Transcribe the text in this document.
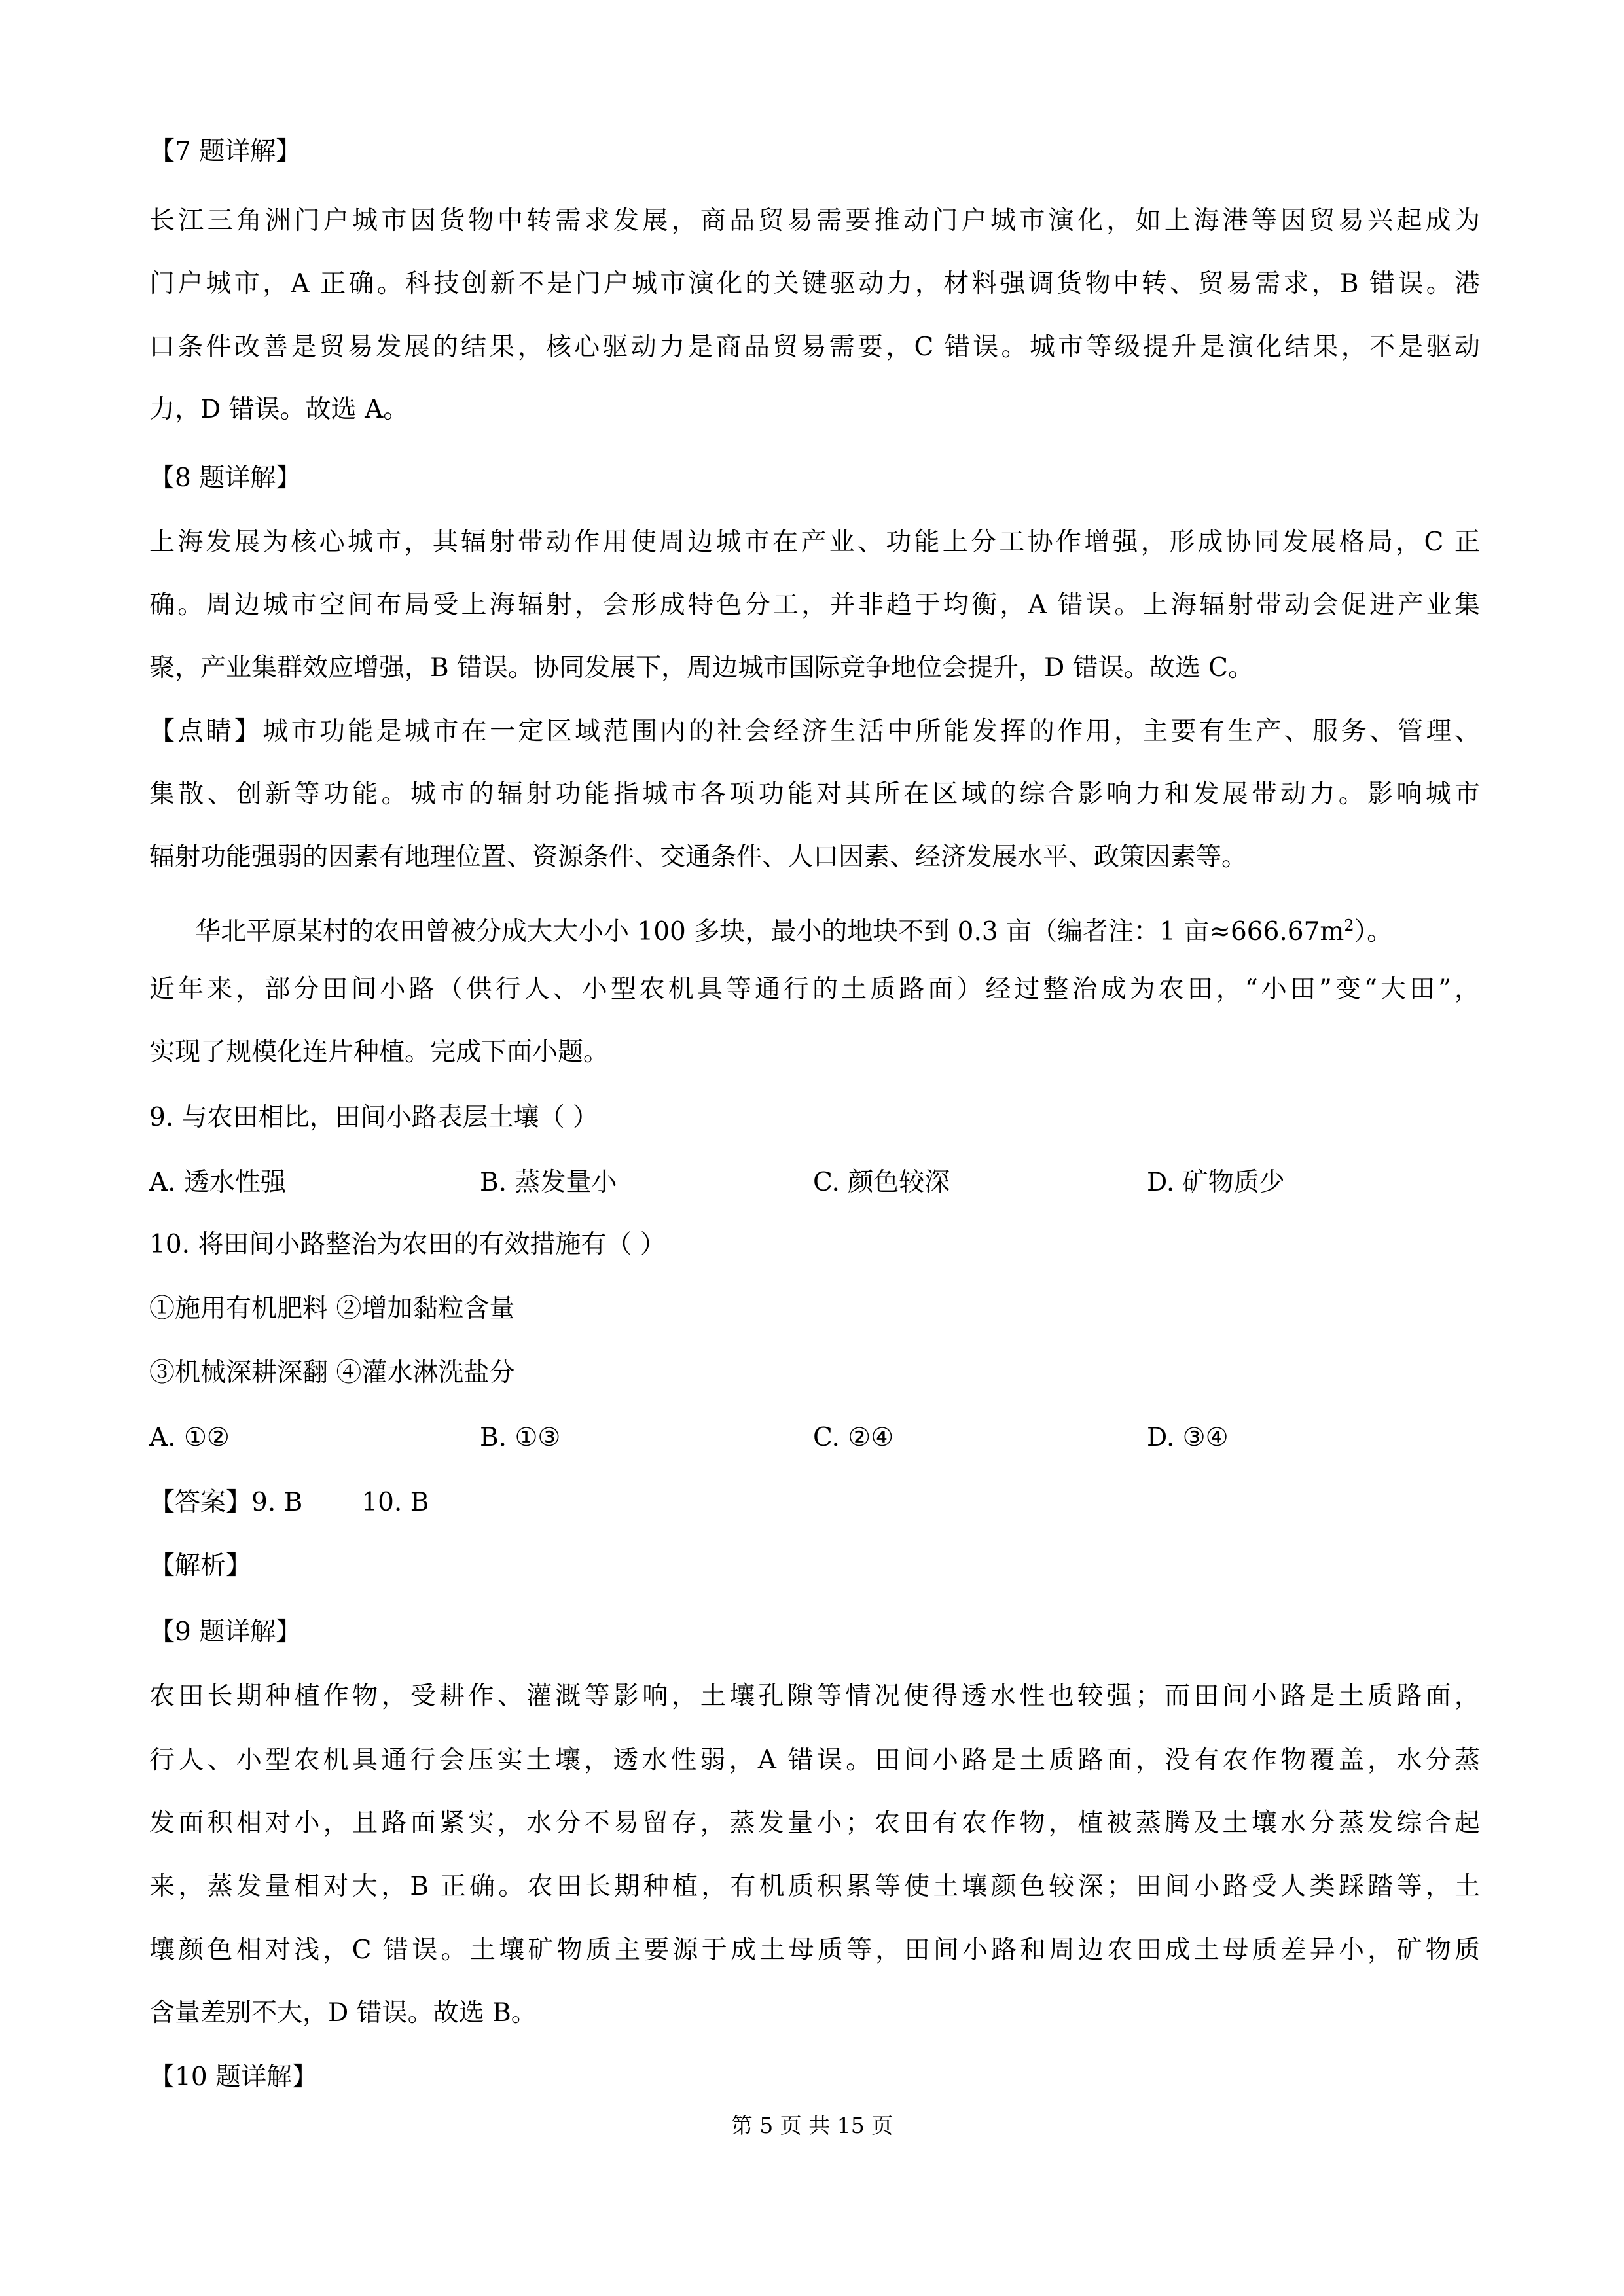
【7 题详解】
长江三角洲门户城市因货物中转需求发展，商品贸易需要推动门户城市演化，如上海港等因贸易兴起成为
门户城市，A 正确。科技创新不是门户城市演化的关键驱动力，材料强调货物中转、贸易需求，B 错误。港
口条件改善是贸易发展的结果，核心驱动力是商品贸易需要，C 错误。城市等级提升是演化结果，不是驱动
力，D 错误。故选 A。
【8 题详解】
上海发展为核心城市，其辐射带动作用使周边城市在产业、功能上分工协作增强，形成协同发展格局，C 正
确。周边城市空间布局受上海辐射，会形成特色分工，并非趋于均衡，A 错误。上海辐射带动会促进产业集
聚，产业集群效应增强，B 错误。协同发展下，周边城市国际竞争地位会提升，D 错误。故选 C。
【点睛】城市功能是城市在一定区域范围内的社会经济生活中所能发挥的作用，主要有生产、服务、管理、
集散、创新等功能。城市的辐射功能指城市各项功能对其所在区域的综合影响力和发展带动力。影响城市
辐射功能强弱的因素有地理位置、资源条件、交通条件、人口因素、经济发展水平、政策因素等。
华北平原某村的农田曾被分成大大小小 100 多块，最小的地块不到 0.3 亩（编者注：1 亩$\approx 666.67m^2$）。
近年来，部分田间小路（供行人、小型农机具等通行的土质路面）经过整治成为农田，“小田”变“大田”，
实现了规模化连片种植。完成下面小题。
9. 与农田相比，田间小路表层土壤（ ）
A. 透水性强	B. 蒸发量小	C. 颜色较深	D. 矿物质少
10. 将田间小路整治为农田的有效措施有（ ）
①施用有机肥料 ②增加黏粒含量
③机械深耕深翻 ④灌水淋洗盐分
A. ①②	B. ①③	C. ②④	D. ③④
【答案】9. B 10. B
【解析】
【9 题详解】
农田长期种植作物，受耕作、灌溉等影响，土壤孔隙等情况使得透水性也较强；而田间小路是土质路面，
行人、小型农机具通行会压实土壤，透水性弱，A 错误。田间小路是土质路面，没有农作物覆盖，水分蒸
发面积相对小，且路面紧实，水分不易留存，蒸发量小；农田有农作物，植被蒸腾及土壤水分蒸发综合起
来，蒸发量相对大，B 正确。农田长期种植，有机质积累等使土壤颜色较深；田间小路受人类踩踏等，土
壤颜色相对浅，C 错误。土壤矿物质主要源于成土母质等，田间小路和周边农田成土母质差异小，矿物质
含量差别不大，D 错误。故选 B。
【10 题详解】
第 5 页 共 15 页
